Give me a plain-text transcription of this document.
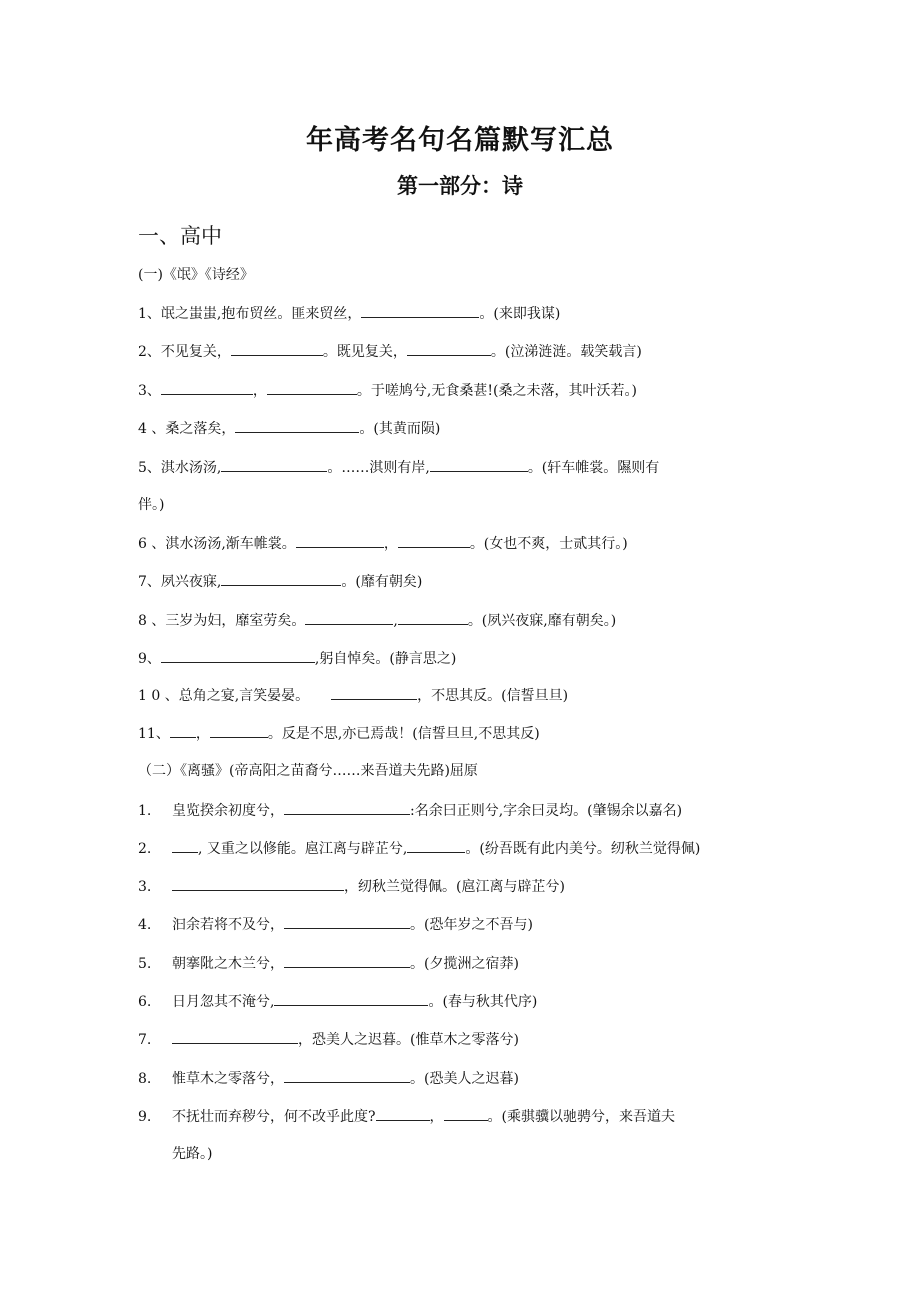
年高考名句名篇默写汇总
第一部分：诗
一、高中
(一)《氓》《诗经》
1、氓之蚩蚩,抱布贸丝。匪来贸丝，	。(来即我谋)
2、不见复关，	。既见复关，	。(泣涕涟涟。载笑载言)
3、	，	。于嗟鸠兮,无食桑葚!(桑之未落，其叶沃若。)
4 、桑之落矣，	。(其黄而陨)
5、淇水汤汤,	。……淇则有岸,	。(轩车帷裳。隰则有
伴。)
6 、淇水汤汤,渐车帷裳。	，	。(女也不爽，士贰其行。)
7、夙兴夜寐,	。(靡有朝矣)
8 、三岁为妇，靡室劳矣。	,	。(夙兴夜寐,靡有朝矣。)
9、	,躬自悼矣。(静言思之)
1 0 、总角之宴,言笑晏晏。	，不思其反。(信誓旦旦)
11、 ，	。反是不思,亦已焉哉！(信誓旦旦,不思其反)
（二）《离骚》(帝高阳之苗裔兮……来吾道夫先路)屈原
1. 皇览揆余初度兮，	:名余曰正则兮,字余曰灵均。(肇锡余以嘉名)
2.	, 又重之以修能。扈江离与辟芷兮,	。(纷吾既有此内美兮。纫秋兰觉得佩)
3.	，纫秋兰觉得佩。(扈江离与辟芷兮)
4. 汩余若将不及兮，	。(恐年岁之不吾与)
5. 朝搴阰之木兰兮，	。(夕揽洲之宿莽)
6. 日月忽其不淹兮,	。(春与秋其代序)
7.	，恐美人之迟暮。(惟草木之零落兮)
8. 惟草木之零落兮，	。(恐美人之迟暮)
9. 不抚壮而弃秽兮，何不改乎此度?	，	。(乘骐骥以驰骋兮，来吾道夫
先路。)
